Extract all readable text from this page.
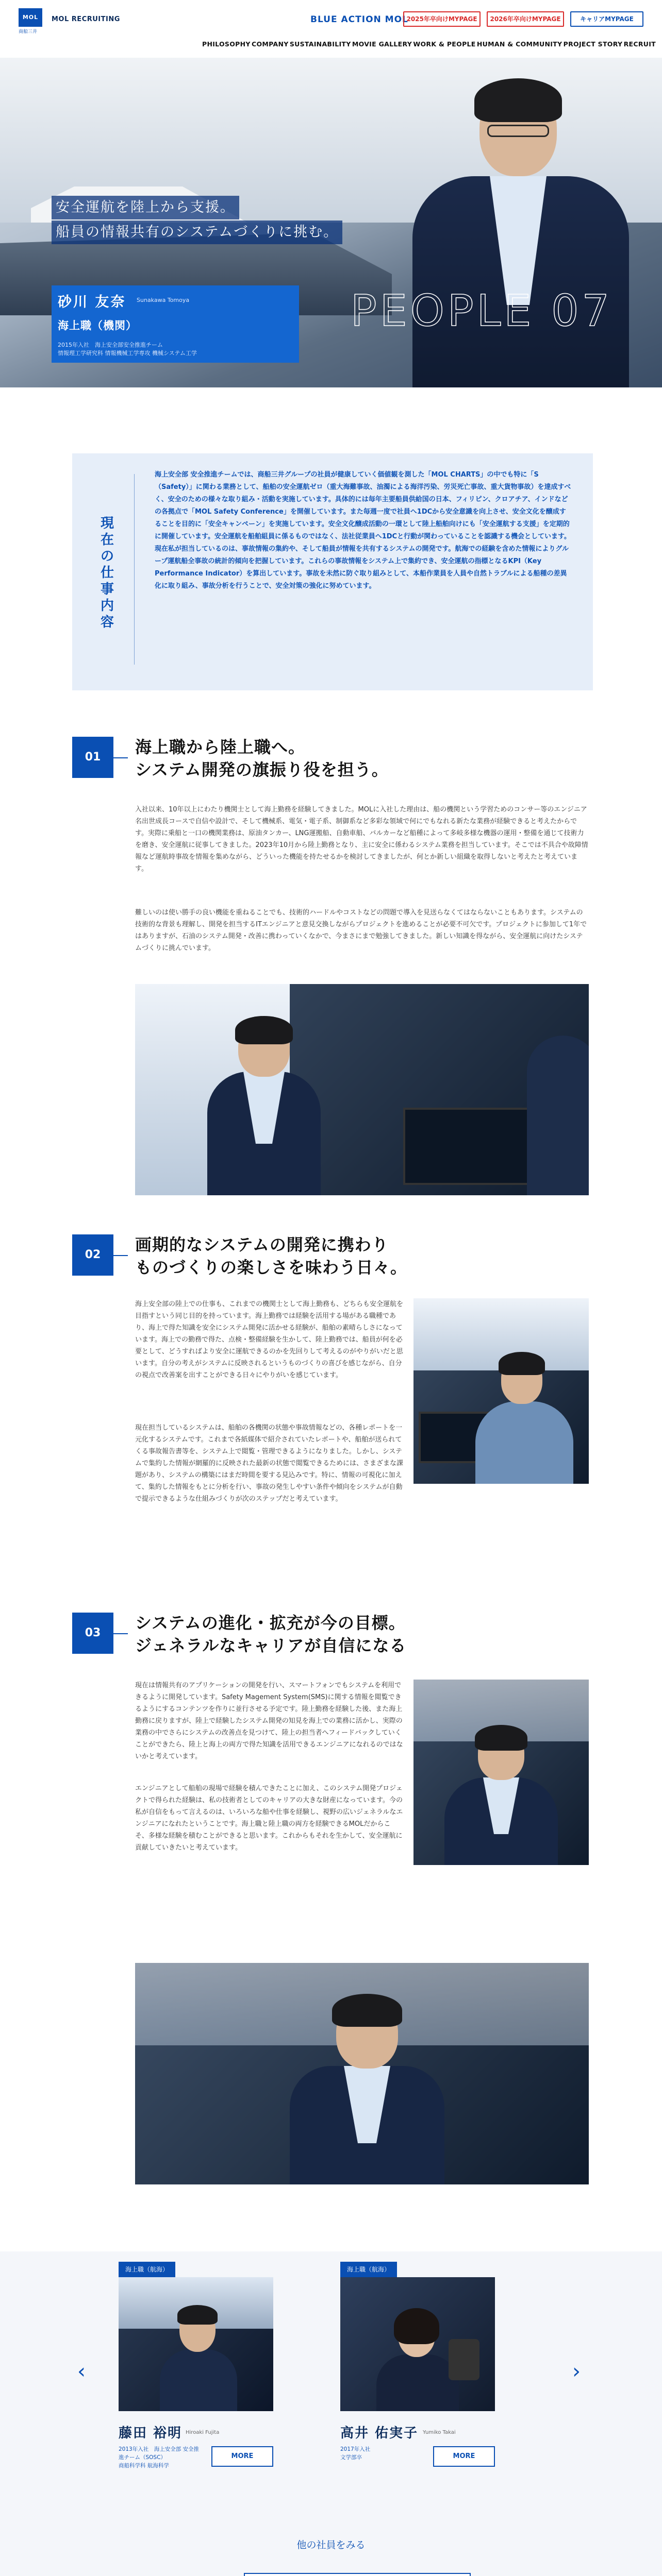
MOL
商船三井
MOL RECRUITING	BLUE ACTION MOL
2025年卒向けMYPAGE	2026年卒向けMYPAGE	キャリアMYPAGE
PHILOSOPHY COMPANY SUSTAINABILITY MOVIE GALLERY WORK & PEOPLE HUMAN & COMMUNITY PROJECT STORY RECRUIT
安全運航を陸上から支援。
船員の情報共有のシステムづくりに挑む。
砂川 友奈 Sunakawa Tomoya
海上職（機関）
2015年入社　海上安全部安全推進チーム
情報理工学研究科 情報機械工学専攻 機械システム工学
PEOPLE 07
現在の仕事内容
海上安全部 安全推進チームでは、商船三井グループの社員が健康していく価値観を測した「MOL CHARTS」の中でも特に「S（Safety）」に関わる業務として、船舶の安全運航ゼロ（重大海難事故、油濁による海洋汚染、労災死亡事故、重大貨物事故）を達成すべく、安全のための様々な取り組み・活動を実施しています。具体的には毎年主要船員供給国の日本、フィリピン、クロアチア、インドなどの各拠点で「MOL Safety Conference」を開催しています。また毎週一度で社員へ1DCから安全意識を向上させ、安全文化を醸成することを目的に「安全キャンペーン」を実施しています。安全文化醸成活動の一環として陸上船舶向けにも「安全運航する支援」を定期的に開催しています。安全運航を船舶組員に係るものではなく、法社従業員へ1DCと行動が関わっていることを認識する機会としています。現在私が担当しているのは、事故情報の集約や、そして船員が情報を共有するシステムの開発です。航海での経験を含めた情報によりグループ運航船全事故の統計的傾向を把握しています。これらの事故情報をシステム上で集約でき、安全運航の指標となるKPI（Key Performance Indicator）を算出しています。事故を未然に防ぐ取り組みとして、本船作業員を人員や自然トラブルによる船種の差異化に取り組み、事故分析を行うことで、安全対策の強化に努めています。
01
海上職から陸上職へ。
システム開発の旗振り役を担う。

入社以来、10年以上にわたり機関士として海上勤務を経験してきました。MOLに入社した理由は、船の機関という学習ためのコンサー等のエンジニア名出世成長コースで自信や設計で、そして機械系、電気・電子系、制御系など多彩な領域で何にでもなれる新たな業務が経験できると考えたからです。実際に乗船と一口の機関業務は、原油タンカー、LNG運搬船、自動車船、バルカーなど船種によって多岐多様な機器の運用・整備を通じて技術力を磨き、安全運航に従事してきました。2023年10月から陸上勤務となり、主に安全に係わるシステム業務を担当しています。そこでは不具合や故障情報など運航時事故を情報を集めながら、どういった機能を持たせるかを検討してきましたが、何とか新しい組織を取得しないと考えたと考えています。

難しいのは使い勝手の良い機能を重ねることでも、技術的ハードルやコストなどの問題で導入を見送らなくてはならないこともあります。システムの技術的な背景も理解し、開発を担当するITエンジニアと意見交換しながらプロジェクトを進めることが必要不可欠です。プロジェクトに参加して1年ではありますが、石油のシステム開発・改善に携わっていくなかで、今まさにまで勉強してきました。新しい知識を得ながら、安全運航に向けたシステムづくりに挑んでいます。

02
画期的なシステムの開発に携わり
ものづくりの楽しさを味わう日々。

海上安全部の陸上での仕事も、これまでの機関士として海上勤務も、どちらも安全運航を目指すという同じ目的を持っています。海上勤務では経験を活用する場がある職種であり、海上で得た知識を安全にシステム開発に活かせる経験が、船舶の素晴らしさになっています。海上での勤務で得た、点検・整備経験を生かして、陸上勤務では、船員が何を必要として、どうすればより安全に運航できるのかを先回りして考えるのがやりがいだと思います。自分の考えがシステムに反映されるというものづくりの喜びを感じながら、自分の視点で改善案を出すことができる日々にやりがいを感じています。

現在担当しているシステムは、船舶の各機関の状態や事故情報などの、各種レポートを一元化するシステムです。これまで各紙媒体で紹介されていたレポートや、船舶が送られてくる事故報告書等を、システム上で閲覧・管理できるようになりました。しかし、システムで集約した情報が網羅的に反映された最新の状態で閲覧できるためには、さまざまな課題があり、システムの構築にはまだ時間を要する見込みです。特に、情報の可視化に加えて、集約した情報をもとに分析を行い、事故の発生しやすい条件や傾向をシステムが自動で提示できるような仕組みづくりが次のステップだと考えています。

03
システムの進化・拡充が今の目標。
ジェネラルなキャリアが自信になる

現在は情報共有のアプリケーションの開発を行い、スマートフォンでもシステムを利用できるように開発しています。Safety Magement System(SMS)に関する情報を閲覧できるようにするコンテンツを作りに並行させる予定です。陸上勤務を経験した後、また海上勤務に戻りますが、陸上で経験したシステム開発の知見を海上での業務に活かし、実際の業務の中でさらにシステムの改善点を見つけて、陸上の担当者へフィードバックしていくことができたら、陸上と海上の両方で得た知識を活用できるエンジニアになれるのではないかと考えています。

エンジニアとして船舶の現場で経験を積んできたことに加え、このシステム開発プロジェクトで得られた経験は、私の技術者としてのキャリアの大きな財産になっています。今の私が自信をもって言えるのは、いろいろな船や仕事を経験し、視野の広いジェネラルなエンジニアになれたということです。海上職と陸上職の両方を経験できるMOLだからこそ、多様な経験を積むことができると思います。これからもそれを生かして、安全運航に貢献していきたいと考えています。

‹	›
海上職（航海）
藤田 裕明 Hiroaki Fujita
2013年入社　海上安全部 安全推進チーム（SOSC）
商船科学科 航海科学
MORE
海上職（航海）
高井 佑実子 Yumiko Takai
2017年入社
文学部卒	MORE
他の社員をみる
